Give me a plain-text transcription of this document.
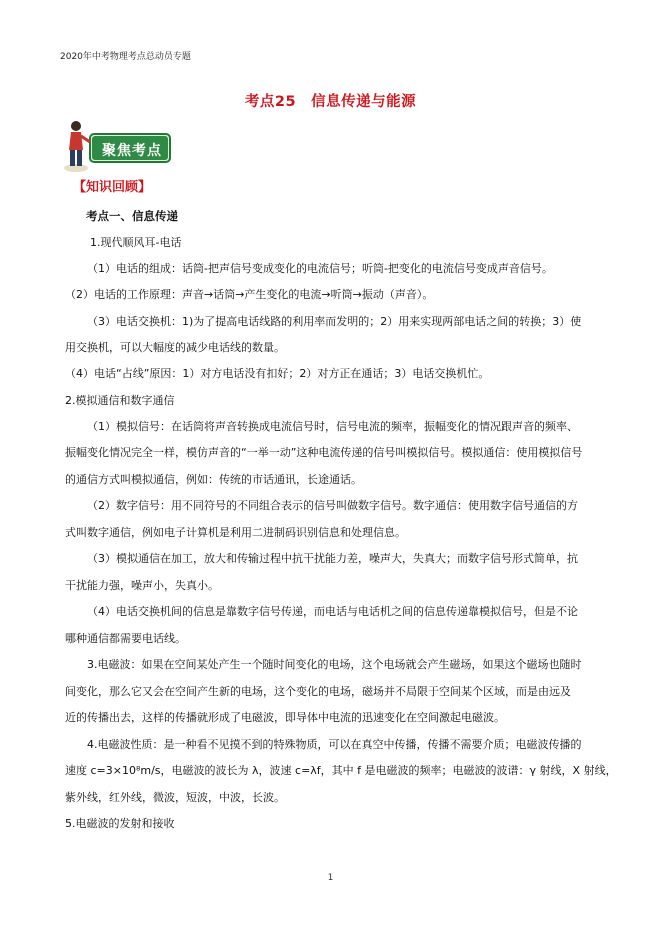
2020年中考物理考点总动员专题
考点25　信息传递与能源
聚焦考点
【知识回顾】
考点一、信息传递
1.现代顺风耳-电话
（1）电话的组成：话筒-把声信号变成变化的电流信号；听筒-把变化的电流信号变成声音信号。
（2）电话的工作原理：声音→话筒→产生变化的电流→听筒→振动（声音）。
（3）电话交换机：1)为了提高电话线路的利用率而发明的；2）用来实现两部电话之间的转换；3）使
用交换机，可以大幅度的减少电话线的数量。
（4）电话“占线”原因：1）对方电话没有扣好；2）对方正在通话；3）电话交换机忙。
2.模拟通信和数字通信
（1）模拟信号：在话筒将声音转换成电流信号时，信号电流的频率，振幅变化的情况跟声音的频率、
振幅变化情况完全一样，模仿声音的“一举一动”这种电流传递的信号叫模拟信号。模拟通信：使用模拟信号
的通信方式叫模拟通信，例如：传统的市话通讯，长途通话。
（2）数字信号：用不同符号的不同组合表示的信号叫做数字信号。数字通信：使用数字信号通信的方
式叫数字通信，例如电子计算机是利用二进制码识别信息和处理信息。
（3）模拟通信在加工，放大和传输过程中抗干扰能力差，噪声大，失真大；而数字信号形式简单，抗
干扰能力强，噪声小，失真小。
（4）电话交换机间的信息是靠数字信号传递，而电话与电话机之间的信息传递靠模拟信号，但是不论
哪种通信都需要电话线。
3.电磁波：如果在空间某处产生一个随时间变化的电场，这个电场就会产生磁场，如果这个磁场也随时
间变化，那么它又会在空间产生新的电场，这个变化的电场，磁场并不局限于空间某个区域，而是由远及
近的传播出去，这样的传播就形成了电磁波，即导体中电流的迅速变化在空间激起电磁波。
4.电磁波性质：是一种看不见摸不到的特殊物质，可以在真空中传播，传播不需要介质；电磁波传播的
速度 c=3×10⁸m/s，电磁波的波长为 λ，波速 c=λf，其中 f 是电磁波的频率；电磁波的波谱：γ 射线，X 射线，
紫外线，红外线，微波，短波，中波，长波。
5.电磁波的发射和接收
1
